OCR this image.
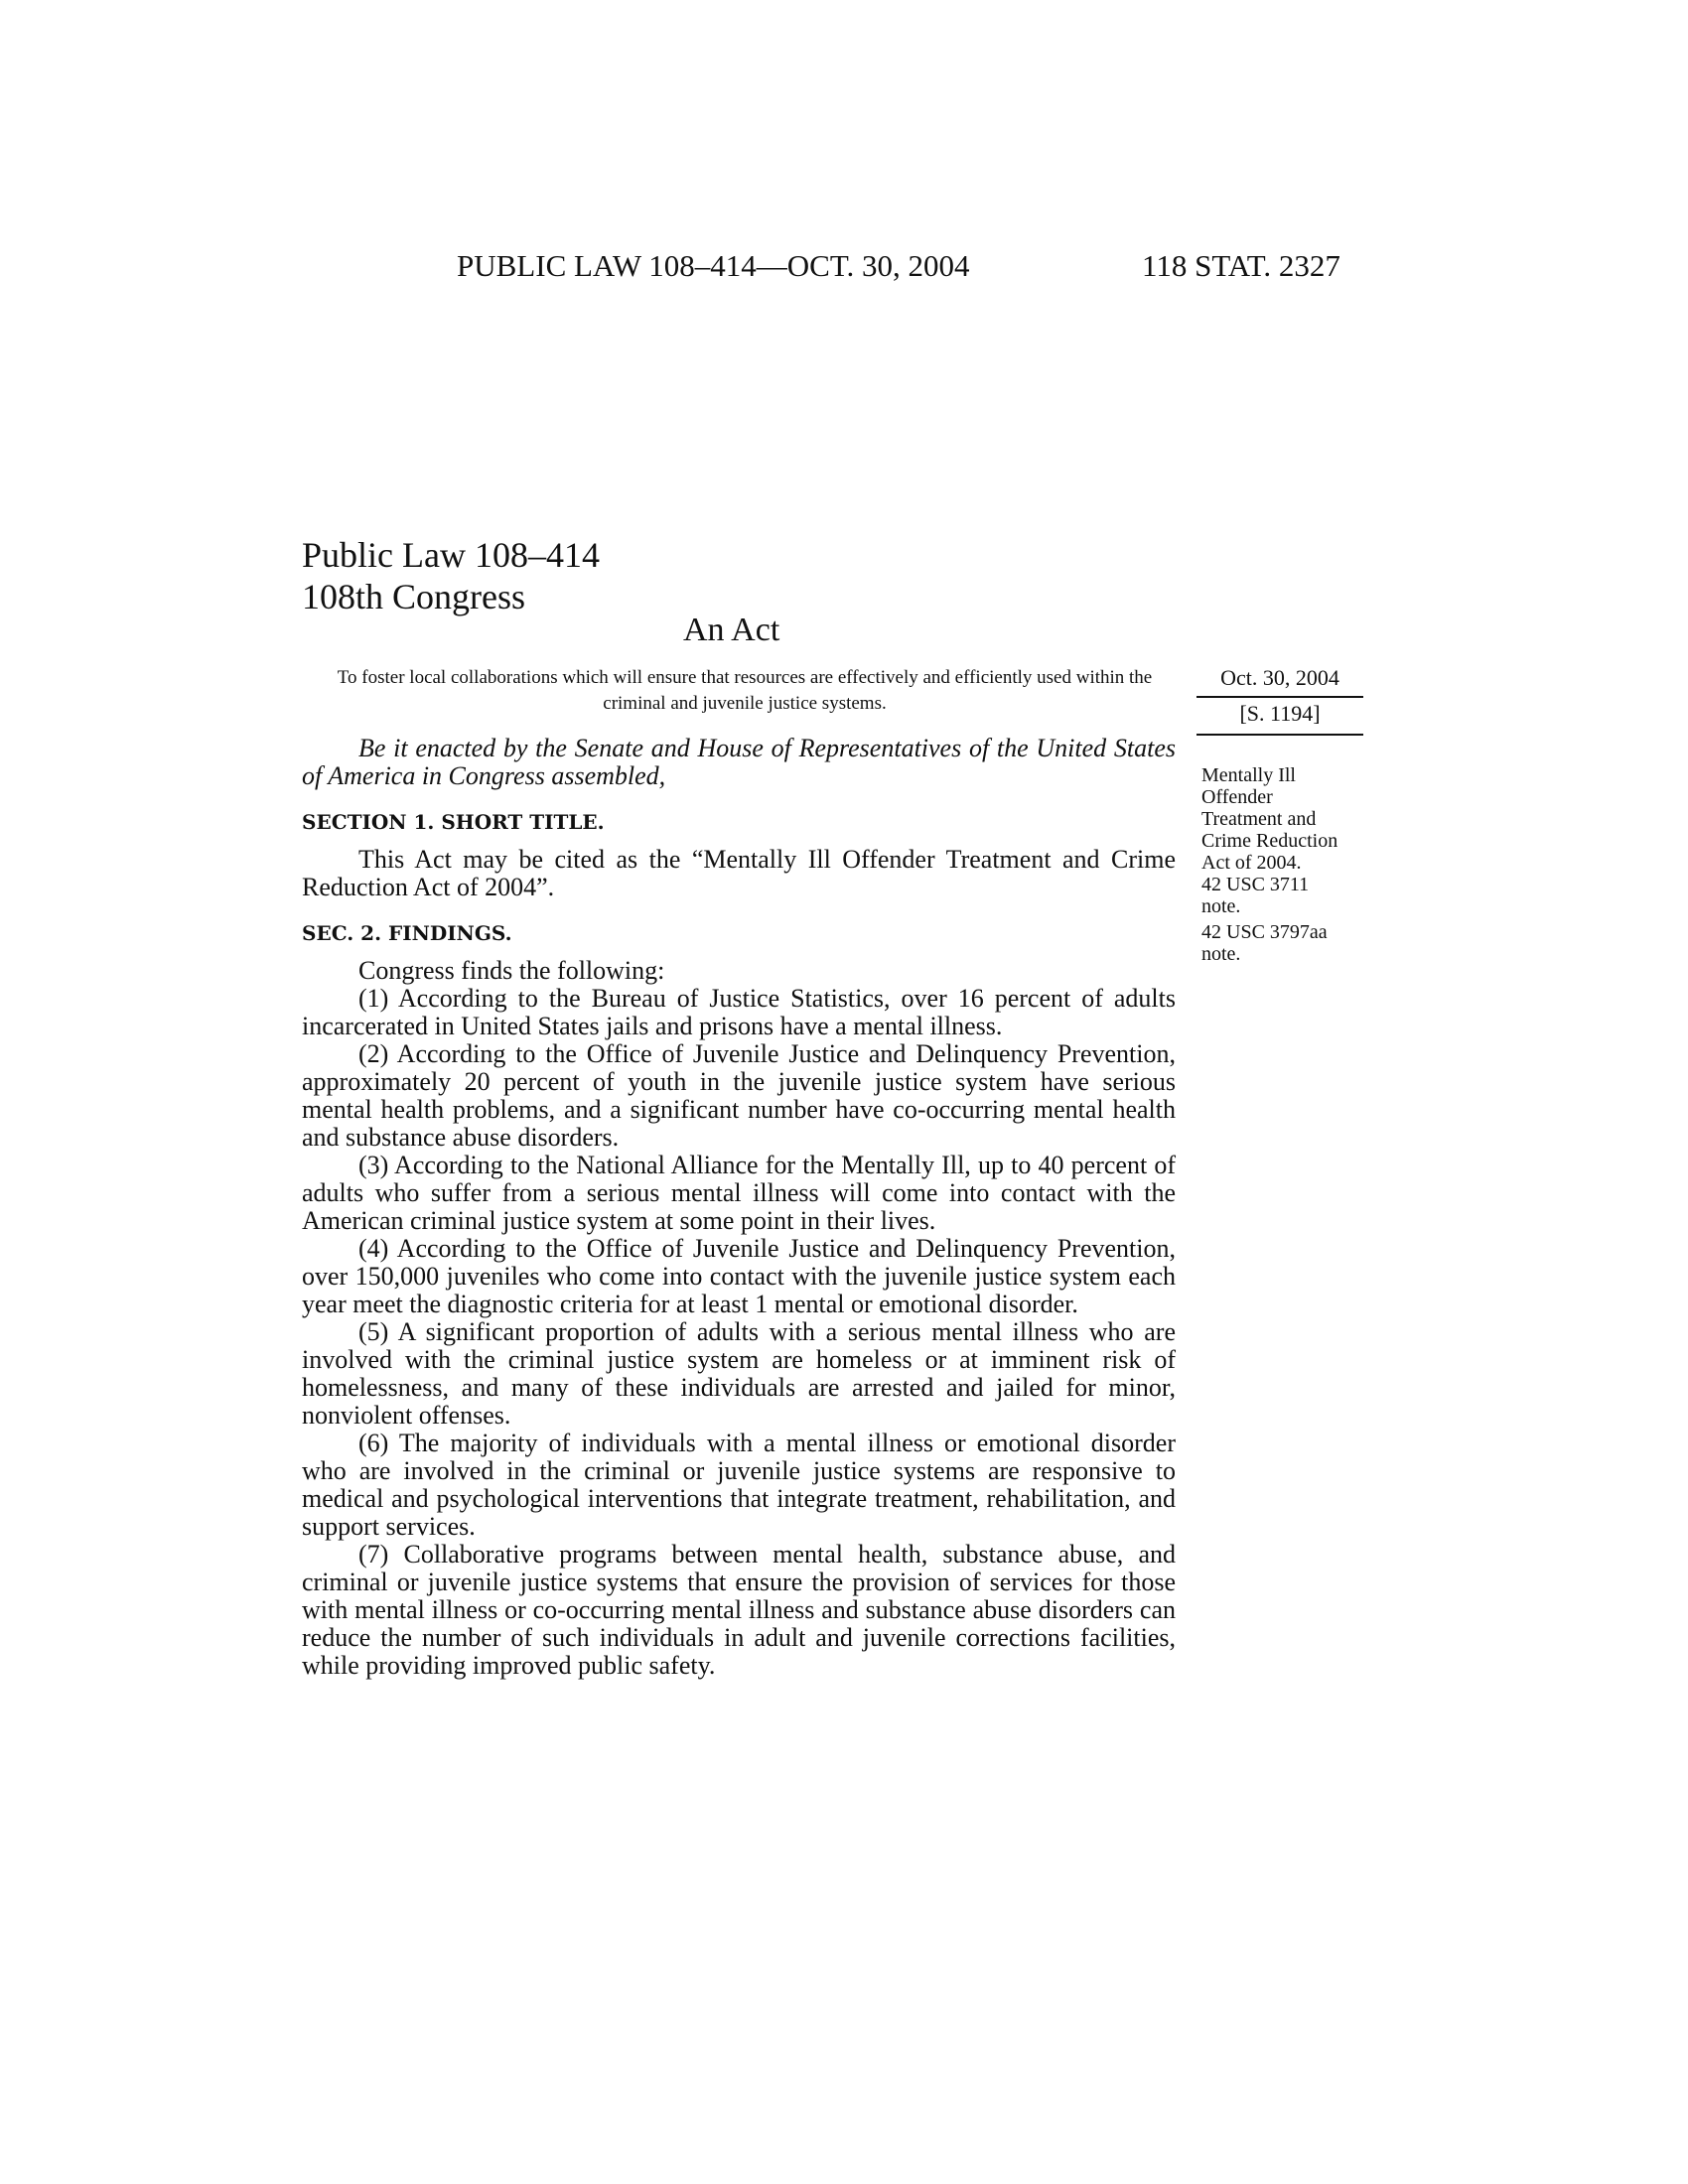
PUBLIC LAW 108–414—OCT. 30, 2004	118 STAT. 2327
Public Law 108–414
108th Congress
An Act
To foster local collaborations which will ensure that resources are effectively and efficiently used within the criminal and juvenile justice systems.
Oct. 30, 2004
[S. 1194]

Be it enacted by the Senate and House of Representatives of the United States of America in Congress assembled,

SECTION 1. SHORT TITLE.

This Act may be cited as the “Mentally Ill Offender Treatment and Crime Reduction Act of 2004”.

SEC. 2. FINDINGS.

Congress finds the following:

(1) According to the Bureau of Justice Statistics, over 16 percent of adults incarcerated in United States jails and prisons have a mental illness.

(2) According to the Office of Juvenile Justice and Delinquency Prevention, approximately 20 percent of youth in the juvenile justice system have serious mental health problems, and a significant number have co-occurring mental health and substance abuse disorders.

(3) According to the National Alliance for the Mentally Ill, up to 40 percent of adults who suffer from a serious mental illness will come into contact with the American criminal justice system at some point in their lives.

(4) According to the Office of Juvenile Justice and Delinquency Prevention, over 150,000 juveniles who come into contact with the juvenile justice system each year meet the diagnostic criteria for at least 1 mental or emotional disorder.

(5) A significant proportion of adults with a serious mental illness who are involved with the criminal justice system are homeless or at imminent risk of homelessness, and many of these individuals are arrested and jailed for minor, nonviolent offenses.

(6) The majority of individuals with a mental illness or emotional disorder who are involved in the criminal or juvenile justice systems are responsive to medical and psychological interventions that integrate treatment, rehabilitation, and support services.

(7) Collaborative programs between mental health, substance abuse, and criminal or juvenile justice systems that ensure the provision of services for those with mental illness or co-occurring mental illness and substance abuse disorders can reduce the number of such individuals in adult and juvenile corrections facilities, while providing improved public safety.

Mentally Ill
Offender
Treatment and
Crime Reduction
Act of 2004.
42 USC 3711
note.
42 USC 3797aa
note.
